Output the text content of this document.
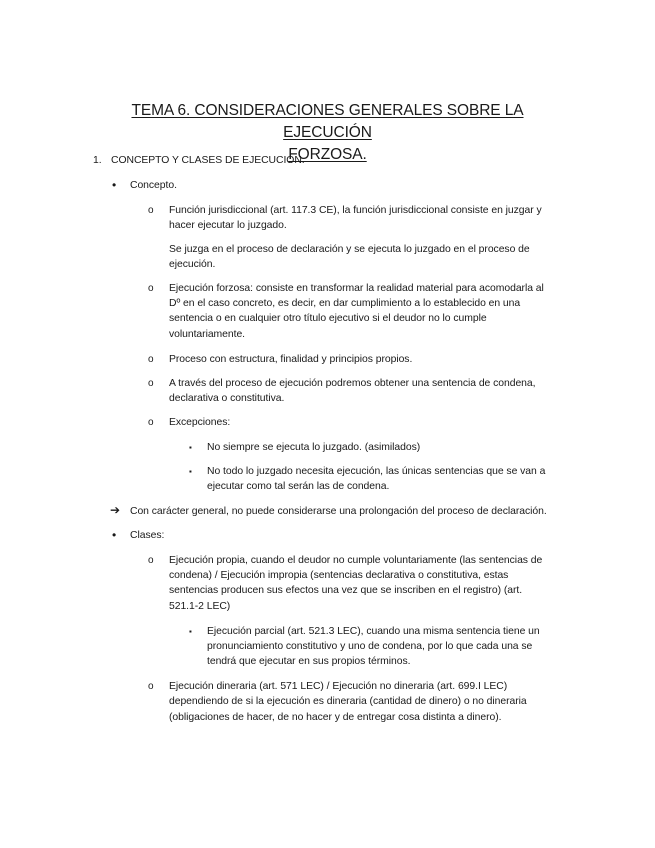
TEMA 6. CONSIDERACIONES GENERALES SOBRE LA EJECUCIÓN
FORZOSA.
1. CONCEPTO Y CLASES DE EJECUCIÓN.
• Concepto.
o Función jurisdiccional (art. 117.3 CE), la función jurisdiccional consiste en juzgar y
hacer ejecutar lo juzgado.
Se juzga en el proceso de declaración y se ejecuta lo juzgado en el proceso de
ejecución.
o Ejecución forzosa: consiste en transformar la realidad material para acomodarla al
Dº en el caso concreto, es decir, en dar cumplimiento a lo establecido en una
sentencia o en cualquier otro título ejecutivo si el deudor no lo cumple
voluntariamente.
o Proceso con estructura, finalidad y principios propios.
o A través del proceso de ejecución podremos obtener una sentencia de condena,
declarativa o constitutiva.
o Excepciones:
▪ No siempre se ejecuta lo juzgado. (asimilados)
▪ No todo lo juzgado necesita ejecución, las únicas sentencias que se van a
ejecutar como tal serán las de condena.
➔ Con carácter general, no puede considerarse una prolongación del proceso de declaración.
• Clases:
o Ejecución propia, cuando el deudor no cumple voluntariamente (las sentencias de
condena) / Ejecución impropia (sentencias declarativa o constitutiva, estas
sentencias producen sus efectos una vez que se inscriben en el registro) (art.
521.1-2 LEC)
▪ Ejecución parcial (art. 521.3 LEC), cuando una misma sentencia tiene un
pronunciamiento constitutivo y uno de condena, por lo que cada una se
tendrá que ejecutar en sus propios términos.
o Ejecución dineraria (art. 571 LEC) / Ejecución no dineraria (art. 699.I LEC)
dependiendo de si la ejecución es dineraria (cantidad de dinero) o no dineraria
(obligaciones de hacer, de no hacer y de entregar cosa distinta a dinero).
